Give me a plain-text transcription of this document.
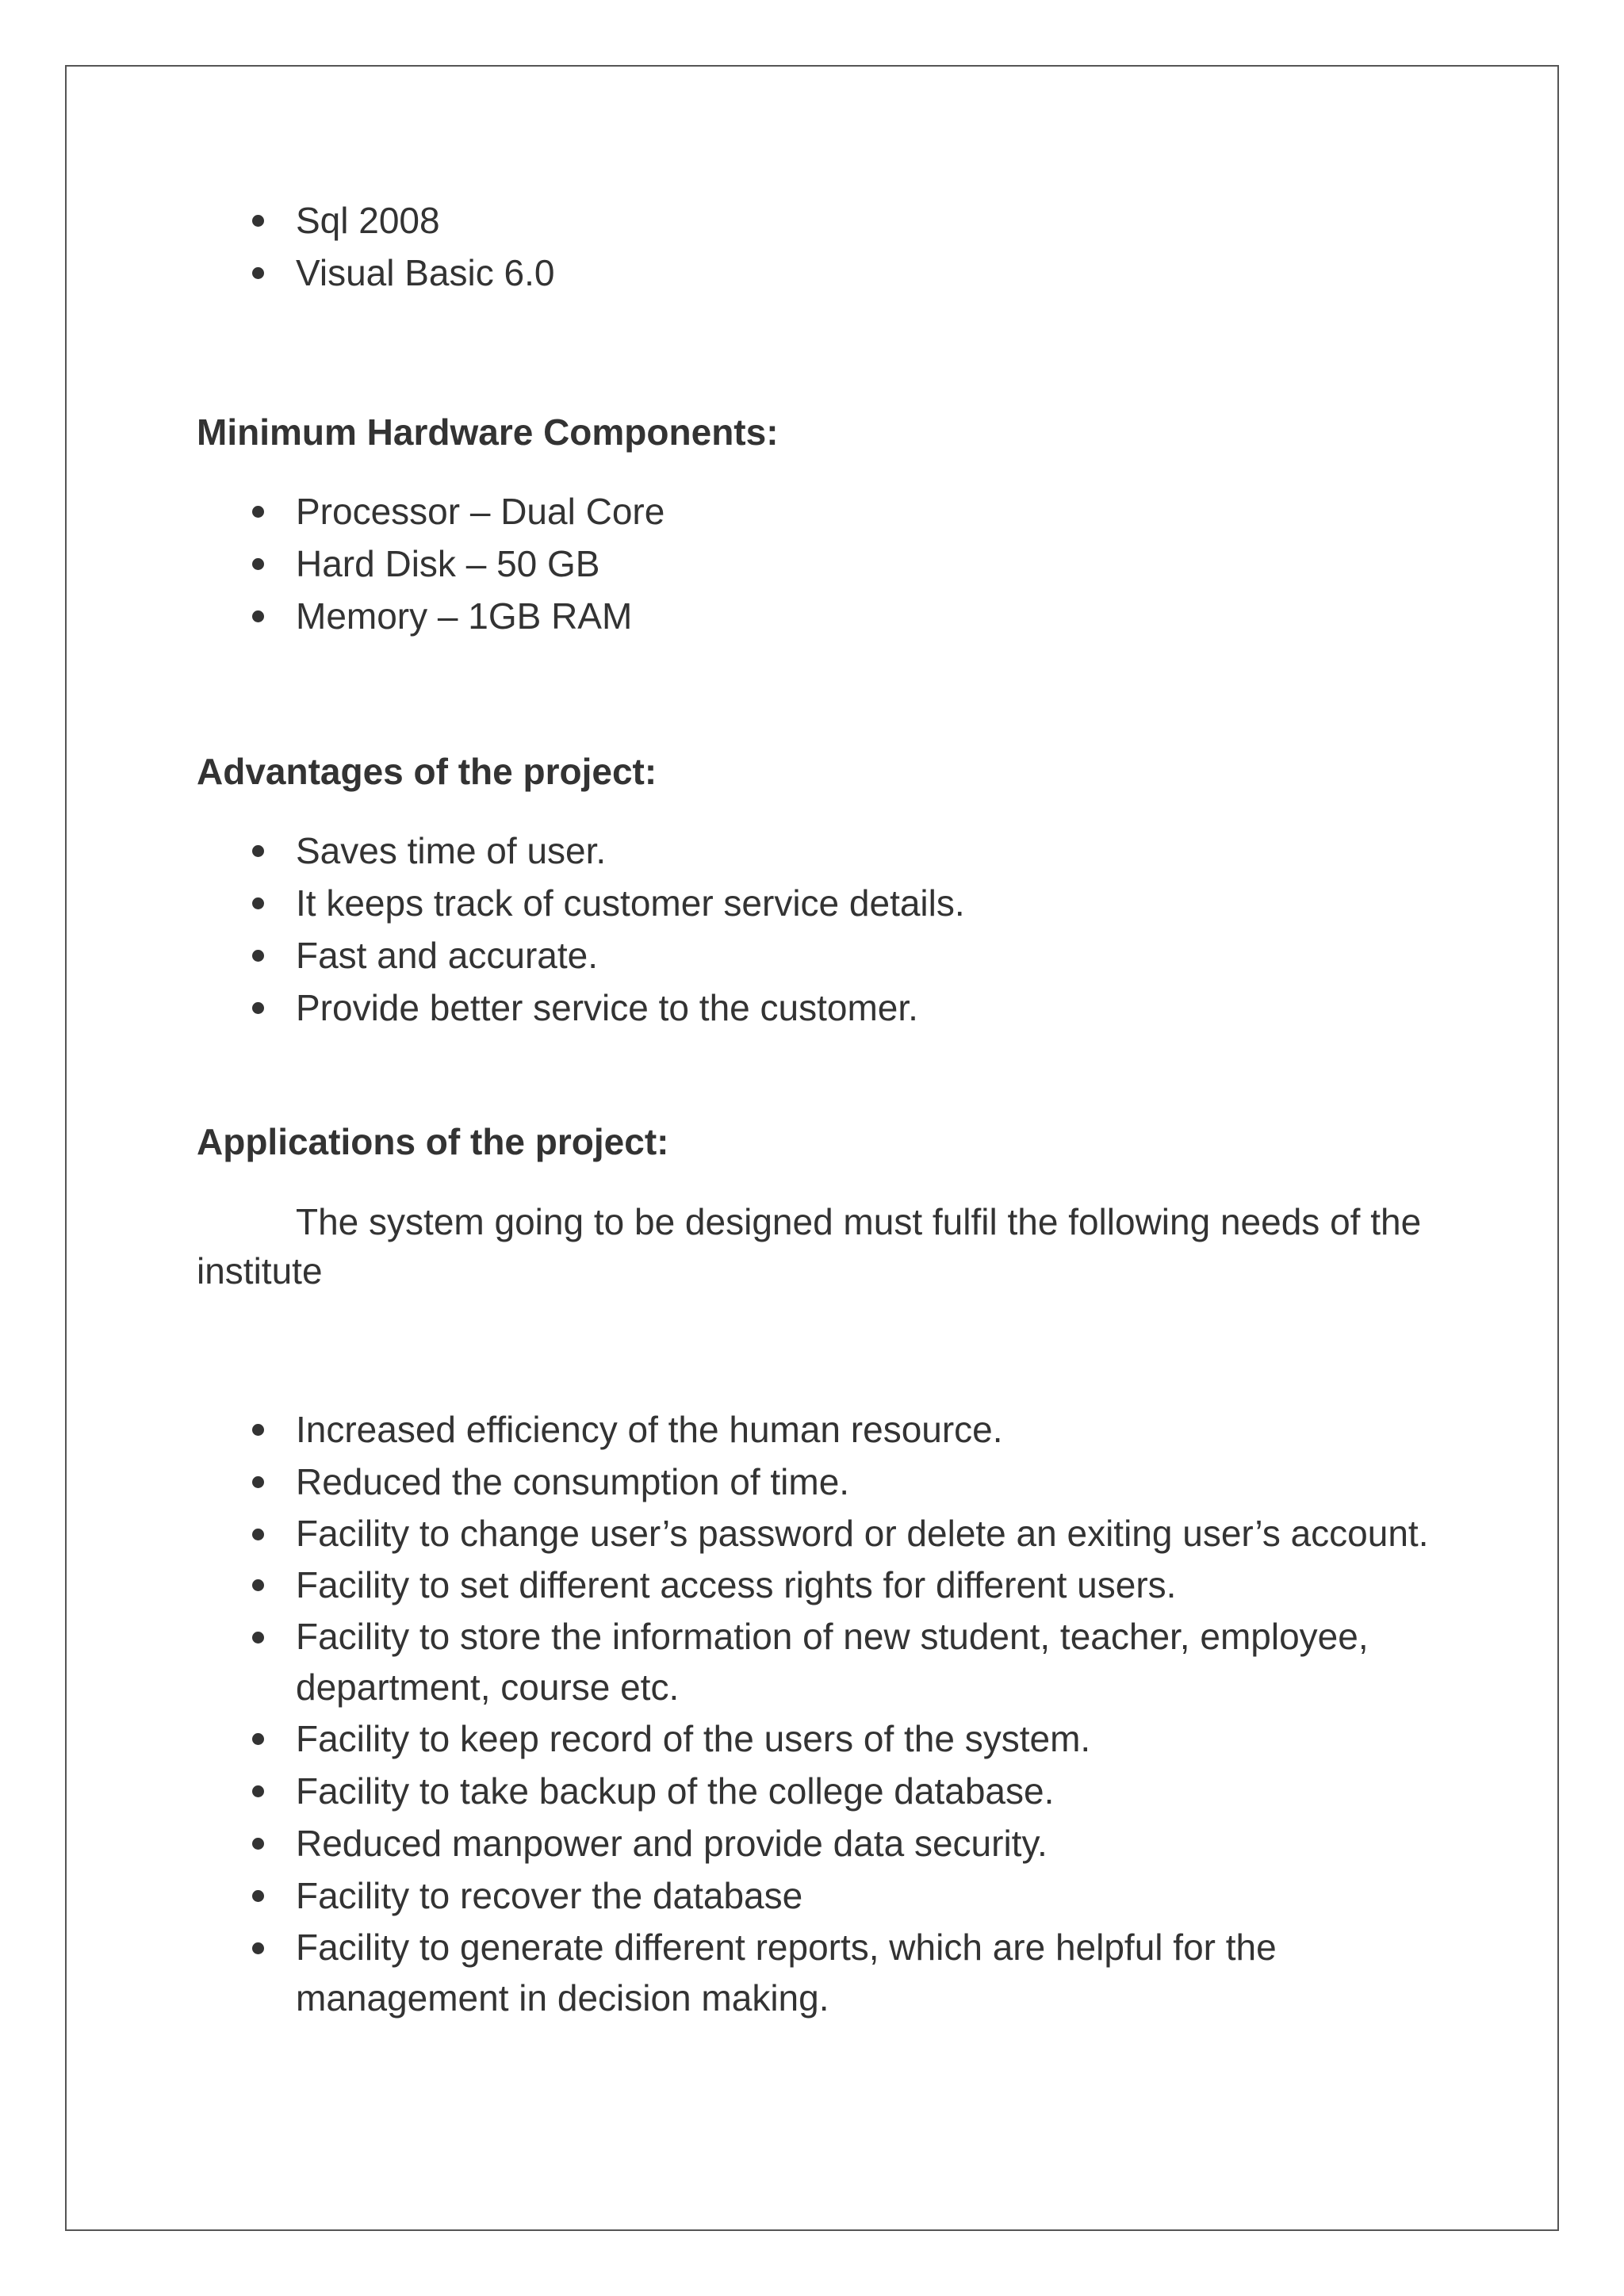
Sql 2008
Visual Basic 6.0
Minimum Hardware Components:
Processor – Dual Core
Hard Disk – 50 GB
Memory – 1GB RAM
Advantages of the project:
Saves time of user.
It keeps track of customer service details.
Fast and accurate.
Provide better service to the customer.
Applications of the project:

The system going to be designed must fulfil the following needs of the institute

Increased efficiency of the human resource.
Reduced the consumption of time.
Facility to change user’s password or delete an exiting user’s account.
Facility to set different access rights for different users.
Facility to store the information of new student, teacher, employee, department, course etc.
Facility to keep record of the users of the system.
Facility to take backup of the college database.
Reduced manpower and provide data security.
Facility to recover the database
Facility to generate different reports, which are helpful for the management in decision making.
